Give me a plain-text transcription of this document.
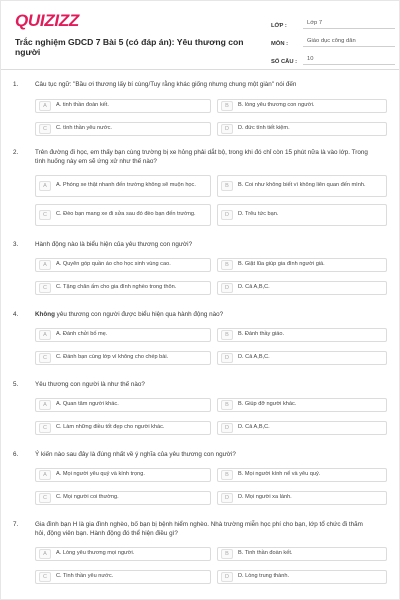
QUIZIZZ
Trắc nghiệm GDCD 7 Bài 5 (có đáp án): Yêu thương con người
LỚP :	Lớp 7
MÔN :	Giáo dục công dân
SỐ CÂU :	10
1.	Câu tục ngữ: "Bầu ơi thương lấy bí cùng/Tuy rằng khác giống nhưng chung một giàn" nói đến
A	A. tinh thần đoàn kết.	B	B. lòng yêu thương con người.
C	C. tình thần yêu nước.	D	D. đức tính tiết kiệm.
2.	Trên đường đi học, em thấy bạn cùng trường bị xe hỏng phải dắt bộ, trong khi đó chỉ còn 15 phút nữa là vào lớp. Trong tình huống này em sẽ ứng xử như thế nào?
A	A. Phóng xe thật nhanh đến trường không sẽ muộn học.	B	B. Coi như không biết vì không liên quan đến mình.
C	C. Đèo bạn mang xe đi sửa sau đó đèo bạn đến trường.	D	D. Trêu tức bạn.
3.	Hành động nào là biểu hiện của yêu thương con người?
A	A. Quyên góp quần áo cho học sinh vùng cao.	B	B. Giặt lũa giúp gia đình người giá.
C	C. Tặng chăn ấm cho gia đình nghèo trong thôn.	D	D. Cả A,B,C.
4.	Không yêu thương con người được biểu hiện qua hành động nào?
A	A. Đánh chửi bố mẹ.	B	B. Đánh thầy giáo.
C	C. Đánh bạn cùng lớp vì không cho chép bài.	D	D. Cả A,B,C.
5.	Yêu thương con người là như thế nào?
A	A. Quan tâm người khác.	B	B. Giúp đỡ người khác.
C	C. Làm những điều tốt đẹp cho người khác.	D	D. Cả A,B,C.
6.	Ý kiến nào sau đây là đúng nhất về ý nghĩa của yêu thương con người?
A	A. Mọi người yêu quý và kính trọng.	B	B. Mọi người kính nể và yêu quý.
C	C. Mọi người coi thường.	D	D. Mọi người xa lánh.
7.	Gia đình bạn H là gia đình nghèo, bố bạn bị bệnh hiểm nghèo. Nhà trường miễn học phí cho bạn, lớp tổ chức đi thăm hỏi, động viên bạn. Hành động đó thể hiện điều gì?
A	A. Lòng yêu thương mọi người.	B	B. Tinh thần đoàn kết.
C	C. Tinh thần yêu nước.	D	D. Lòng trung thành.
